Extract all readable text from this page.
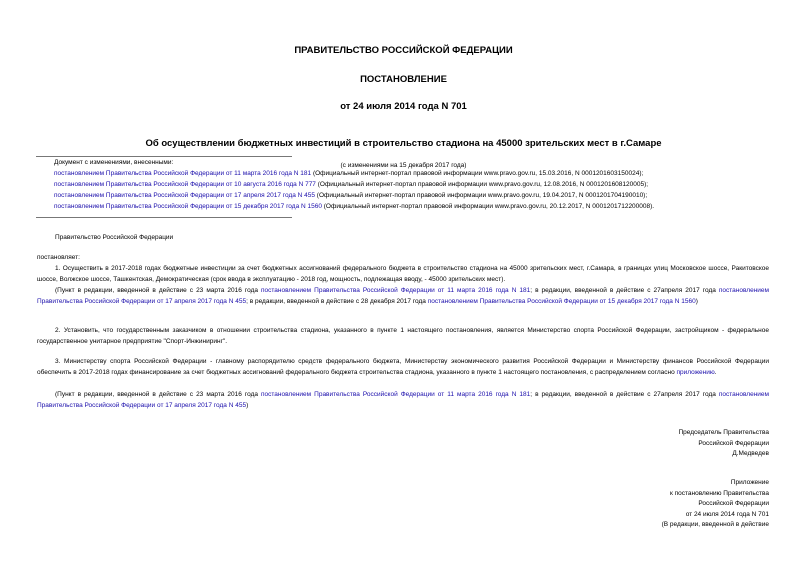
ПРАВИТЕЛЬСТВО РОССИЙСКОЙ ФЕДЕРАЦИИ
ПОСТАНОВЛЕНИЕ
от 24 июля 2014 года N 701
Об осуществлении бюджетных инвестиций в строительство стадиона на 45000 зрительских мест в г.Самаре
(с изменениями на 15 декабря 2017 года)
Документ с изменениями, внесенными:
постановлением Правительства Российской Федерации от 11 марта 2016 года N 181 (Официальный интернет-портал правовой информации www.pravo.gov.ru, 15.03.2016, N 0001201603150024);
постановлением Правительства Российской Федерации от 10 августа 2016 года N 777 (Официальный интернет-портал правовой информации www.pravo.gov.ru, 12.08.2016, N 0001201608120005);
постановлением Правительства Российской Федерации от 17 апреля 2017 года N 455 (Официальный интернет-портал правовой информации www.pravo.gov.ru, 19.04.2017, N 0001201704190010);
постановлением Правительства Российской Федерации от 15 декабря 2017 года N 1560 (Официальный интернет-портал правовой информации www.pravo.gov.ru, 20.12.2017, N 0001201712200008).
Правительство Российской Федерации
постановляет:
1. Осуществить в 2017-2018 годах бюджетные инвестиции за счет бюджетных ассигнований федерального бюджета в строительство стадиона на 45000 зрительских мест, г.Самара, в границах улиц Московское шоссе, Ракитовское шоссе, Волжское шоссе, Ташкентская, Демократическая (срок ввода в эксплуатацию - 2018 год, мощность, подлежащая вводу, - 45000 зрительских мест).
(Пункт в редакции, введенной в действие с 23 марта 2016 года постановлением Правительства Российской Федерации от 11 марта 2016 года N 181; в редакции, введенной в действие с 27апреля 2017 года постановлением Правительства Российской Федерации от 17 апреля 2017 года N 455; в редакции, введенной в действие с 28 декабря 2017 года постановлением Правительства Российской Федерации от 15 декабря 2017 года N 1560)
2. Установить, что государственным заказчиком в отношении строительства стадиона, указанного в пункте 1 настоящего постановления, является Министерство спорта Российской Федерации, застройщиком - федеральное государственное унитарное предприятие "Спорт-Инжиниринг".
3. Министерству спорта Российской Федерации - главному распорядителю средств федерального бюджета, Министерству экономического развития Российской Федерации и Министерству финансов Российской Федерации обеспечить в 2017-2018 годах финансирование за счет бюджетных ассигнований федерального бюджета строительства стадиона, указанного в пункте 1 настоящего постановления, с распределением согласно приложению.
(Пункт в редакции, введенной в действие с 23 марта 2016 года постановлением Правительства Российской Федерации от 11 марта 2016 года N 181; в редакции, введенной в действие с 27апреля 2017 года постановлением Правительства Российской Федерации от 17 апреля 2017 года N 455)
Председатель Правительства
Российской Федерации
Д.Медведев
Приложение
к постановлению Правительства
Российской Федерации
от 24 июля 2014 года N 701
(В редакции, введенной в действие
